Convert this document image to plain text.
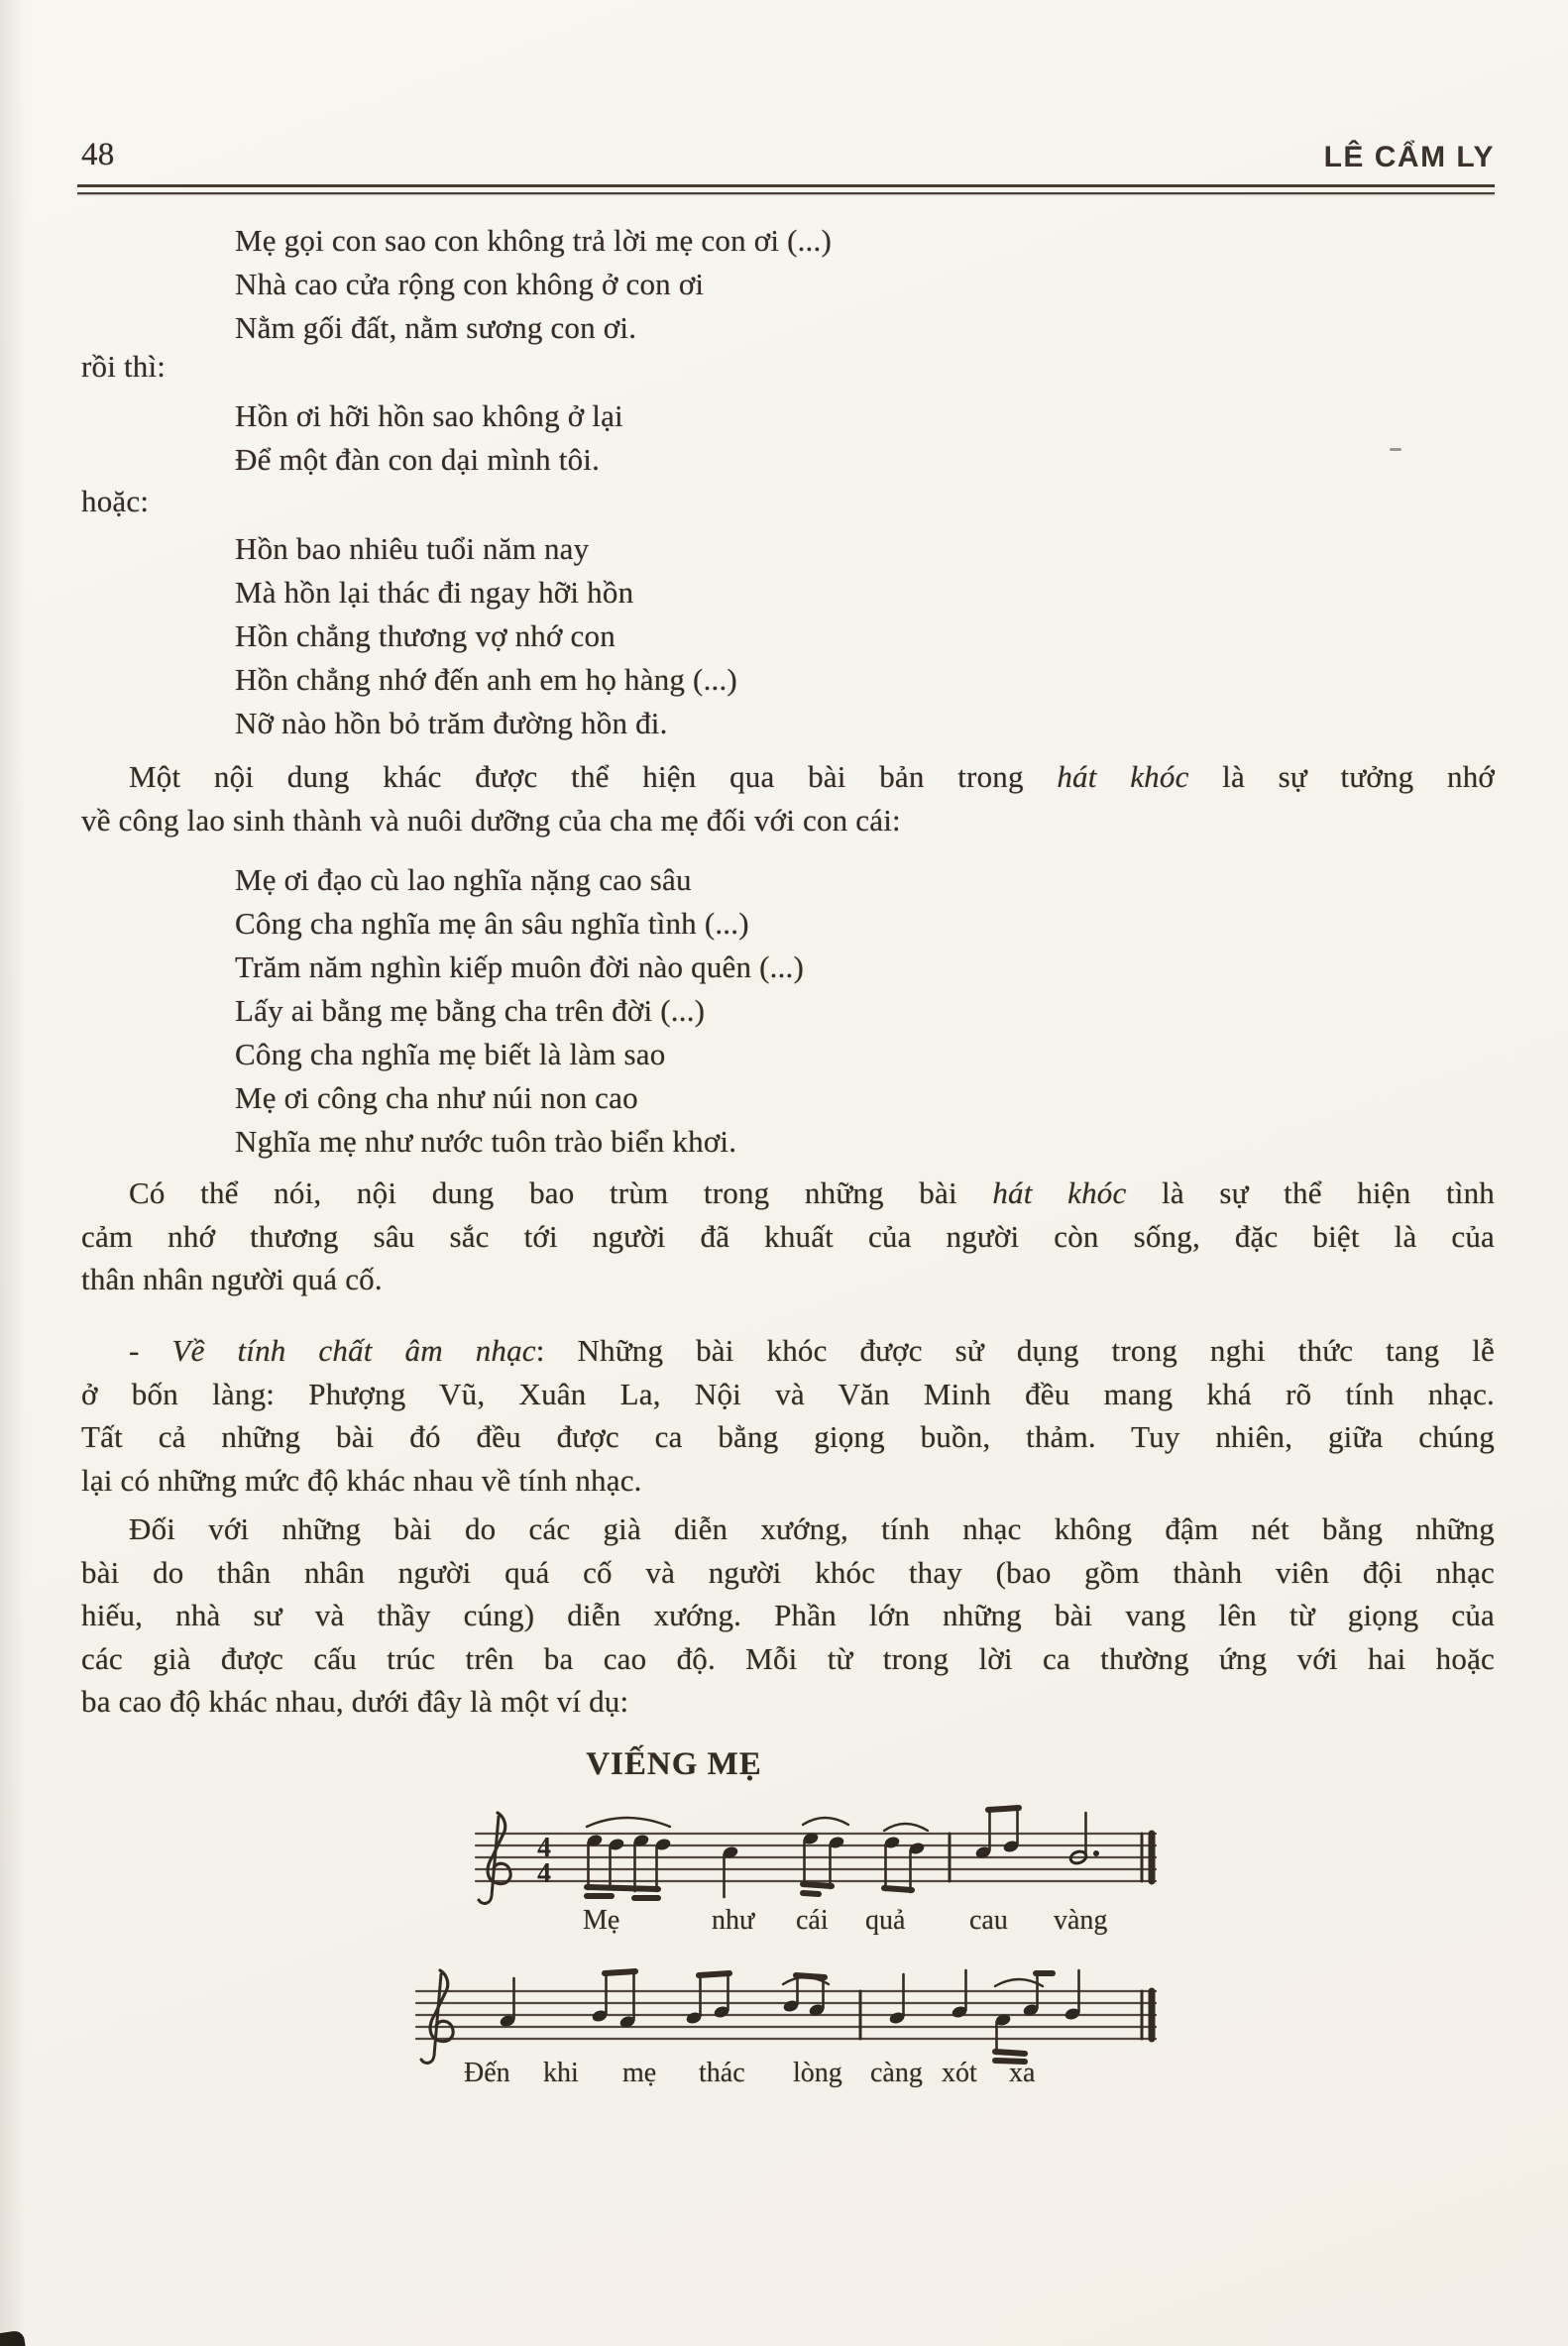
48	LÊ CẨM LY
Mẹ gọi con sao con không trả lời mẹ con ơi (...)
Nhà cao cửa rộng con không ở con ơi
Nằm gối đất, nằm sương con ơi.
rồi thì:
Hồn ơi hỡi hồn sao không ở lại
Để một đàn con dại mình tôi.
hoặc:
Hồn bao nhiêu tuổi năm nay
Mà hồn lại thác đi ngay hỡi hồn
Hồn chẳng thương vợ nhớ con
Hồn chẳng nhớ đến anh em họ hàng (...)
Nỡ nào hồn bỏ trăm đường hồn đi.
Một nội dung khác được thể hiện qua bài bản trong hát khóc là sự tưởng nhớ
về công lao sinh thành và nuôi dưỡng của cha mẹ đối với con cái:
Mẹ ơi đạo cù lao nghĩa nặng cao sâu
Công cha nghĩa mẹ ân sâu nghĩa tình (...)
Trăm năm nghìn kiếp muôn đời nào quên (...)
Lấy ai bằng mẹ bằng cha trên đời (...)
Công cha nghĩa mẹ biết là làm sao
Mẹ ơi công cha như núi non cao
Nghĩa mẹ như nước tuôn trào biển khơi.
Có thể nói, nội dung bao trùm trong những bài hát khóc là sự thể hiện tình
cảm nhớ thương sâu sắc tới người đã khuất của người còn sống, đặc biệt là của
thân nhân người quá cố.
- Về tính chất âm nhạc: Những bài khóc được sử dụng trong nghi thức tang lễ
ở bốn làng: Phượng Vũ, Xuân La, Nội và Văn Minh đều mang khá rõ tính nhạc.
Tất cả những bài đó đều được ca bằng giọng buồn, thảm. Tuy nhiên, giữa chúng
lại có những mức độ khác nhau về tính nhạc.
Đối với những bài do các già diễn xướng, tính nhạc không đậm nét bằng những
bài do thân nhân người quá cố và người khóc thay (bao gồm thành viên đội nhạc
hiếu, nhà sư và thầy cúng) diễn xướng. Phần lớn những bài vang lên từ giọng của
các già được cấu trúc trên ba cao độ. Mỗi từ trong lời ca thường ứng với hai hoặc
ba cao độ khác nhau, dưới đây là một ví dụ:
VIẾNG MẸ
4
4
Mẹ	như cái quả cau vàng
Đến khi mẹ thác lòng càng xót xa
